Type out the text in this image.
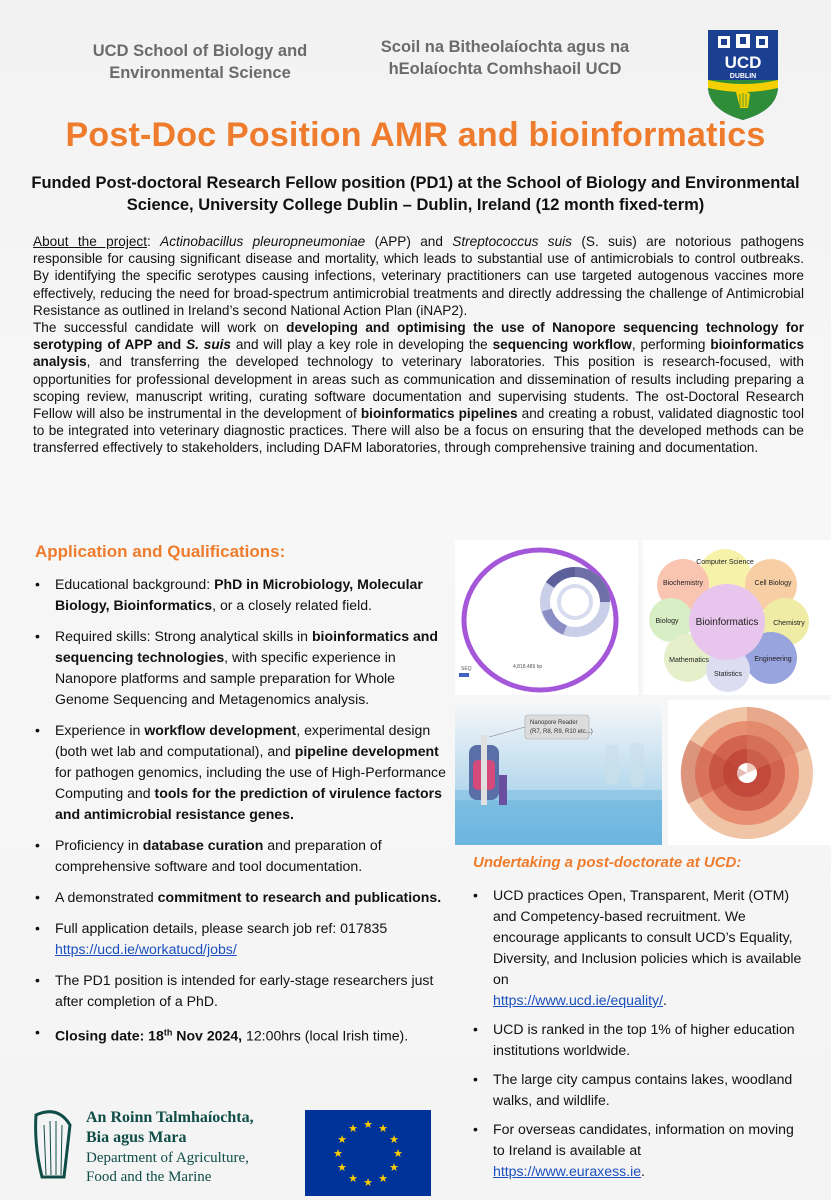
UCD School of Biology and Environmental Science
Scoil na Bitheolaíochta agus na hEolaíochta Comhshaoil UCD	UCD
DUBLIN
Post-Doc Position AMR and bioinformatics
Funded Post-doctoral Research Fellow position (PD1) at the School of Biology and Environmental Science, University College Dublin – Dublin, Ireland (12 month fixed-term)

About the project: Actinobacillus pleuropneumoniae (APP) and Streptococcus suis (S. suis) are notorious pathogens responsible for causing significant disease and mortality, which leads to substantial use of antimicrobials to control outbreaks. By identifying the specific serotypes causing infections, veterinary practitioners can use targeted autogenous vaccines more effectively, reducing the need for broad-spectrum antimicrobial treatments and directly addressing the challenge of Antimicrobial Resistance as outlined in Ireland’s second National Action Plan (iNAP2).

The successful candidate will work on developing and optimising the use of Nanopore sequencing technology for serotyping of APP and S. suis and will play a key role in developing the sequencing workflow, performing bioinformatics analysis, and transferring the developed technology to veterinary laboratories. This position is research-focused, with opportunities for professional development in areas such as communication and dissemination of results including preparing a scoping review, manuscript writing, curating software documentation and supervising students. The ost-Doctoral Research Fellow will also be instrumental in the development of bioinformatics pipelines and creating a robust, validated diagnostic tool to be integrated into veterinary diagnostic practices. There will also be a focus on ensuring that the developed methods can be transferred effectively to stakeholders, including DAFM laboratories, through comprehensive training and documentation.

Application and Qualifications:
• Educational background: PhD in Microbiology, Molecular Biology, Bioinformatics, or a closely related field.
• Required skills: Strong analytical skills in bioinformatics and sequencing technologies, with specific experience in Nanopore platforms and sample preparation for Whole Genome Sequencing and Metagenomics analysis.
• Experience in workflow development, experimental design (both wet lab and computational), and pipeline development for pathogen genomics, including the use of High-Performance Computing and tools for the prediction of virulence factors and antimicrobial resistance genes.
• Proficiency in database curation and preparation of comprehensive software and tool documentation.
• A demonstrated commitment to research and publications.
• Full application details, please search job ref: 017835
https://ucd.ie/workatucd/jobs/
• The PD1 position is intended for early-stage researchers just after completion of a PhD.
• Closing date: 18th Nov 2024, 12:00hrs (local Irish time).
4,818,489 bp
SEQ
Computer Science
Biochemistry	Cell Biology
Biology	Chemistry
Mathematics	Engineering
Statistics
Bioinformatics
Nanopore Reader
(R7, R8, R9, R10 etc...)
Undertaking a post-doctorate at UCD:
• UCD practices Open, Transparent, Merit (OTM) and Competency-based recruitment. We encourage applicants to consult UCD’s Equality, Diversity, and Inclusion policies which is available on
https://www.ucd.ie/equality/.
• UCD is ranked in the top 1% of higher education institutions worldwide.
• The large city campus contains lakes, woodland walks, and wildlife.
• For overseas candidates, information on moving to Ireland is available at
https://www.euraxess.ie.
An Roinn Talmhaíochta,
Bia agus Mara
Department of Agriculture,
Food and the Marine
★ ★
★
★
★
★
★
★
★
★
★
★
